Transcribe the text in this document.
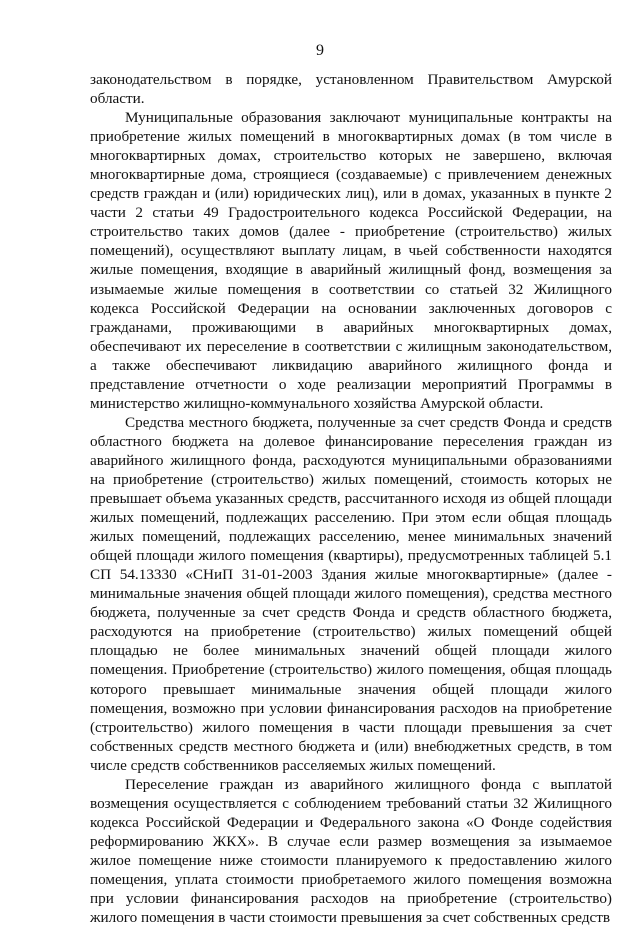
9

законодательством в порядке, установленном Правительством Амурской области.

Муниципальные образования заключают муниципальные контракты на приобретение жилых помещений в многоквартирных домах (в том числе в многоквартирных домах, строительство которых не завершено, включая многоквартирные дома, строящиеся (создаваемые) с привлечением денежных средств граждан и (или) юридических лиц), или в домах, указанных в пункте 2 части 2 статьи 49 Градостроительного кодекса Российской Федерации, на строительство таких домов (далее - приобретение (строительство) жилых помещений), осуществляют выплату лицам, в чьей собственности находятся жилые помещения, входящие в аварийный жилищный фонд, возмещения за изымаемые жилые помещения в соответствии со статьей 32 Жилищного кодекса Российской Федерации на основании заключенных договоров с гражданами, проживающими в аварийных многоквартирных домах, обеспечивают их переселение в соответствии с жилищным законодательством, а также обеспечивают ликвидацию аварийного жилищного фонда и представление отчетности о ходе реализации мероприятий Программы в министерство жилищно-коммунального хозяйства Амурской области.

Средства местного бюджета, полученные за счет средств Фонда и средств областного бюджета на долевое финансирование переселения граждан из аварийного жилищного фонда, расходуются муниципальными образованиями на приобретение (строительство) жилых помещений, стоимость которых не превышает объема указанных средств, рассчитанного исходя из общей площади жилых помещений, подлежащих расселению. При этом если общая площадь жилых помещений, подлежащих расселению, менее минимальных значений общей площади жилого помещения (квартиры), предусмотренных таблицей 5.1 СП 54.13330 «СНиП 31-01-2003 Здания жилые многоквартирные» (далее - минимальные значения общей площади жилого помещения), средства местного бюджета, полученные за счет средств Фонда и средств областного бюджета, расходуются на приобретение (строительство) жилых помещений общей площадью не более минимальных значений общей площади жилого помещения. Приобретение (строительство) жилого помещения, общая площадь которого превышает минимальные значения общей площади жилого помещения, возможно при условии финансирования расходов на приобретение (строительство) жилого помещения в части площади превышения за счет собственных средств местного бюджета и (или) внебюджетных средств, в том числе средств собственников расселяемых жилых помещений.

Переселение граждан из аварийного жилищного фонда с выплатой возмещения осуществляется с соблюдением требований статьи 32 Жилищного кодекса Российской Федерации и Федерального закона «О Фонде содействия реформированию ЖКХ». В случае если размер возмещения за изымаемое жилое помещение ниже стоимости планируемого к предоставлению жилого помещения, уплата стоимости приобретаемого жилого помещения возможна при условии финансирования расходов на приобретение (строительство) жилого помещения в части стоимости превышения за счет собственных средств
